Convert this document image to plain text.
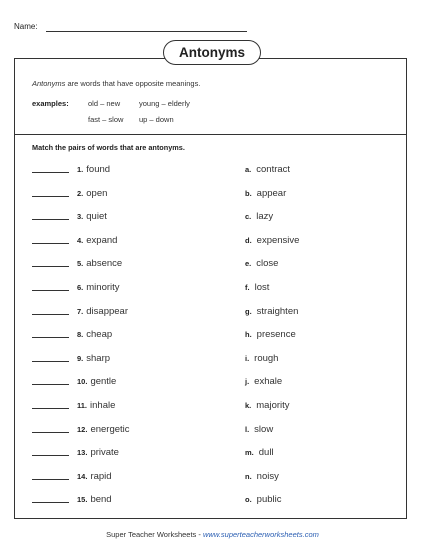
Name:
Antonyms
Antonyms are words that have opposite meanings.
examples:	old – new	young – elderly
fast – slow up – down
Match the pairs of words that are antonyms.
1. found
2. open
3. quiet
4. expand
5. absence
6. minority
7. disappear
8. cheap
9. sharp
10. gentle
11. inhale
12. energetic
13. private
14. rapid
15. bend
a. contract
b. appear
c. lazy
d. expensive
e. close
f. lost
g. straighten
h. presence
i. rough
j. exhale
k. majority
l. slow
m. dull
n. noisy
o. public
Super Teacher Worksheets - www.superteacherworksheets.com
